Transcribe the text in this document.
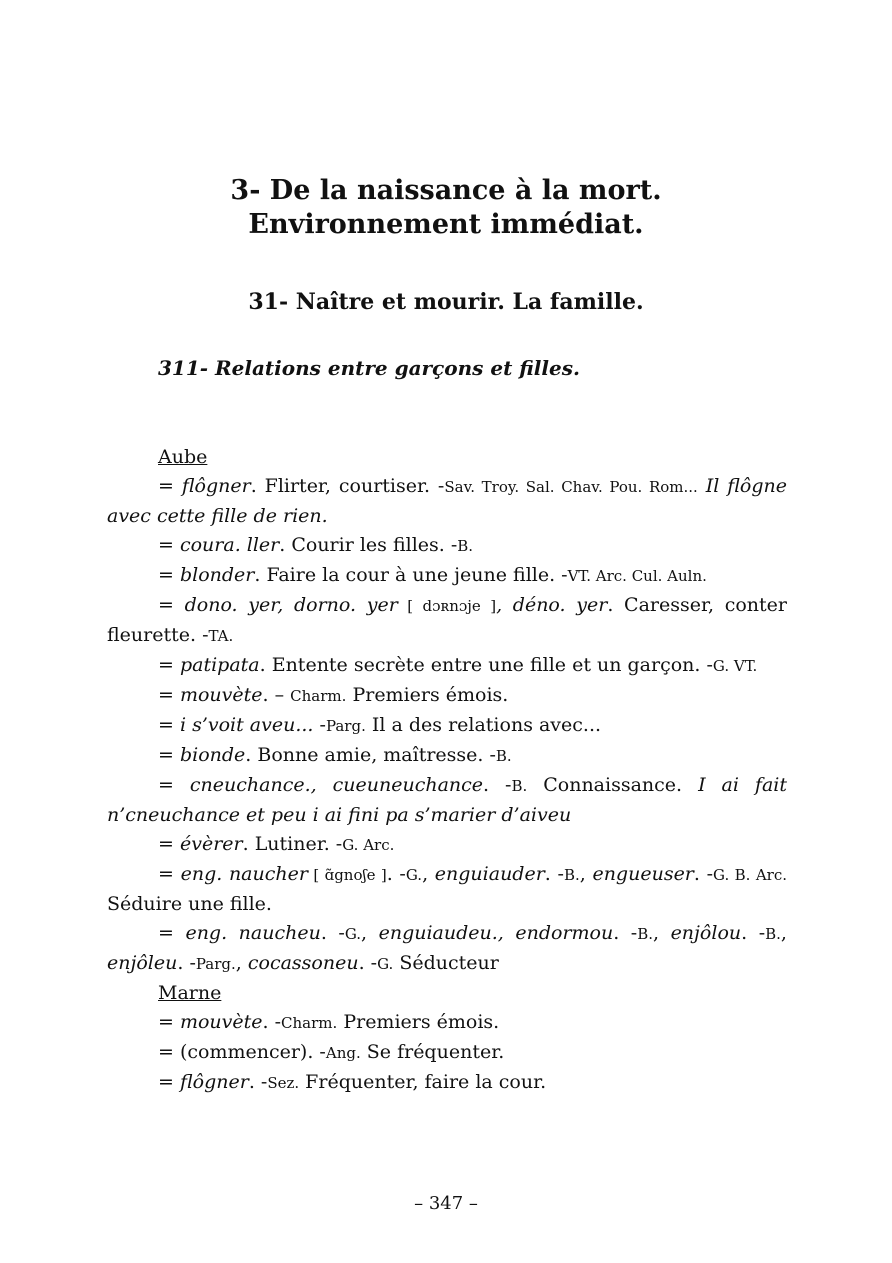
3- De la naissance à la mort.
Environnement immédiat.
31- Naître et mourir. La famille.
311- Relations entre garçons et filles.

Aube

= flôgner. Flirter, courtiser. -Sav. Troy. Sal. Chav. Pou. Rom... Il flôgne avec cette fille de rien.

= coura. ller. Courir les filles. -B.

= blonder. Faire la cour à une jeune fille. -VT. Arc. Cul. Auln.

= dono. yer, dorno. yer [ dɔʀnɔje ], déno. yer. Caresser, conter fleurette. -TA.

= patipata. Entente secrète entre une fille et un garçon. -G. VT.

= mouvète. – Charm. Premiers émois.

= i s’voit aveu... -Parg. Il a des relations avec...

= bionde. Bonne amie, maîtresse. -B.

= cneuchance., cueuneuchance. -B. Connaissance. I ai fait n’cneuchance et peu i ai fini pa s’marier d’aiveu

= évèrer. Lutiner. -G. Arc.

= eng. naucher [ ɑ̃gnoʃe ]. -G., enguiauder. -B., engueuser. -G. B. Arc. Séduire une fille.

= eng. naucheu. -G., enguiaudeu., endormou. -B., enjôlou. -B., enjôleu. -Parg., cocassoneu. -G. Séducteur

Marne

= mouvète. -Charm. Premiers émois.

= (commencer). -Ang. Se fréquenter.

= flôgner. -Sez. Fréquenter, faire la cour.

– 347 –
